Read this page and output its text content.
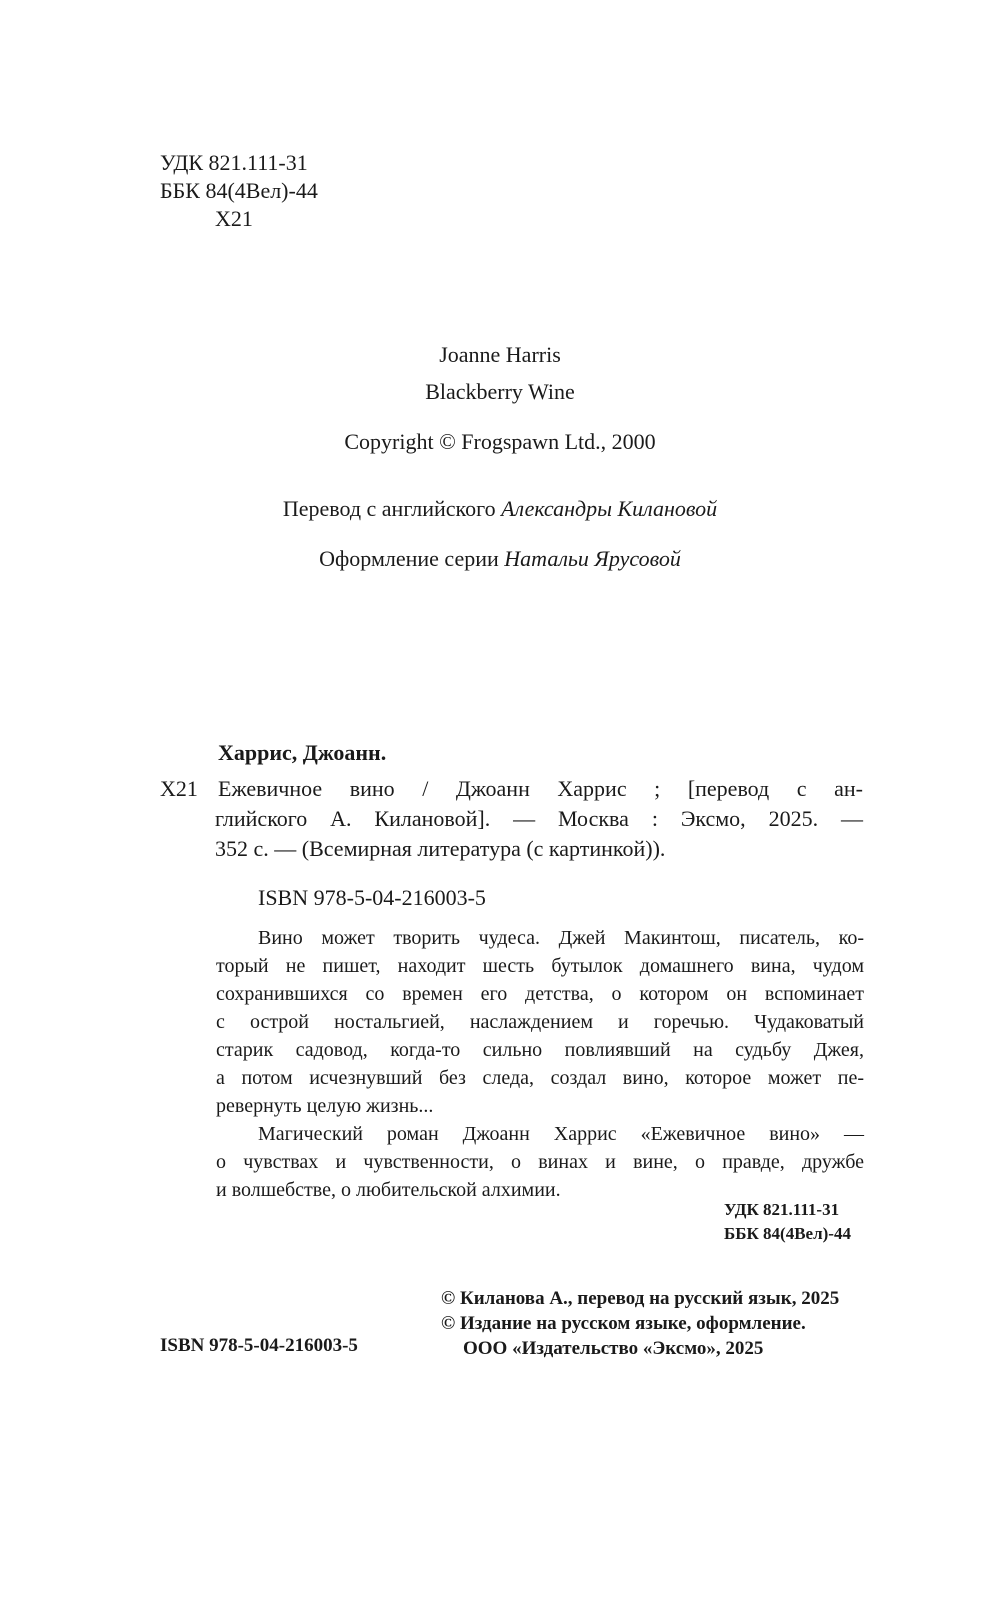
УДК 821.111-31
ББК 84(4Вел)-44
Х21
Joanne Harris
Blackberry Wine
Copyright © Frogspawn Ltd., 2000
Перевод с английского Александры Килановой
Оформление серии Натальи Ярусовой
Харрис, Джоанн.
Х21 Ежевичное вино / Джоанн Харрис ; [перевод с ан-
глийского А. Килановой]. — Москва : Эксмо, 2025. —
352 с. — (Всемирная литература (с картинкой)).
ISBN 978-5-04-216003-5
Вино может творить чудеса. Джей Макинтош, писатель, ко-
торый не пишет, находит шесть бутылок домашнего вина, чудом
сохранившихся со времен его детства, о котором он вспоминает
с острой ностальгией, наслаждением и горечью. Чудаковатый
старик садовод, когда-то сильно повлиявший на судьбу Джея,
а потом исчезнувший без следа, создал вино, которое может пе-
ревернуть целую жизнь...
Магический роман Джоанн Харрис «Ежевичное вино» —
о чувствах и чувственности, о винах и вине, о правде, дружбе
и волшебстве, о любительской алхимии.
УДК 821.111-31
ББК 84(4Вел)-44
ISBN 978-5-04-216003-5
© Киланова А., перевод на русский язык, 2025
© Издание на русском языке, оформление.
ООО «Издательство «Эксмо», 2025
